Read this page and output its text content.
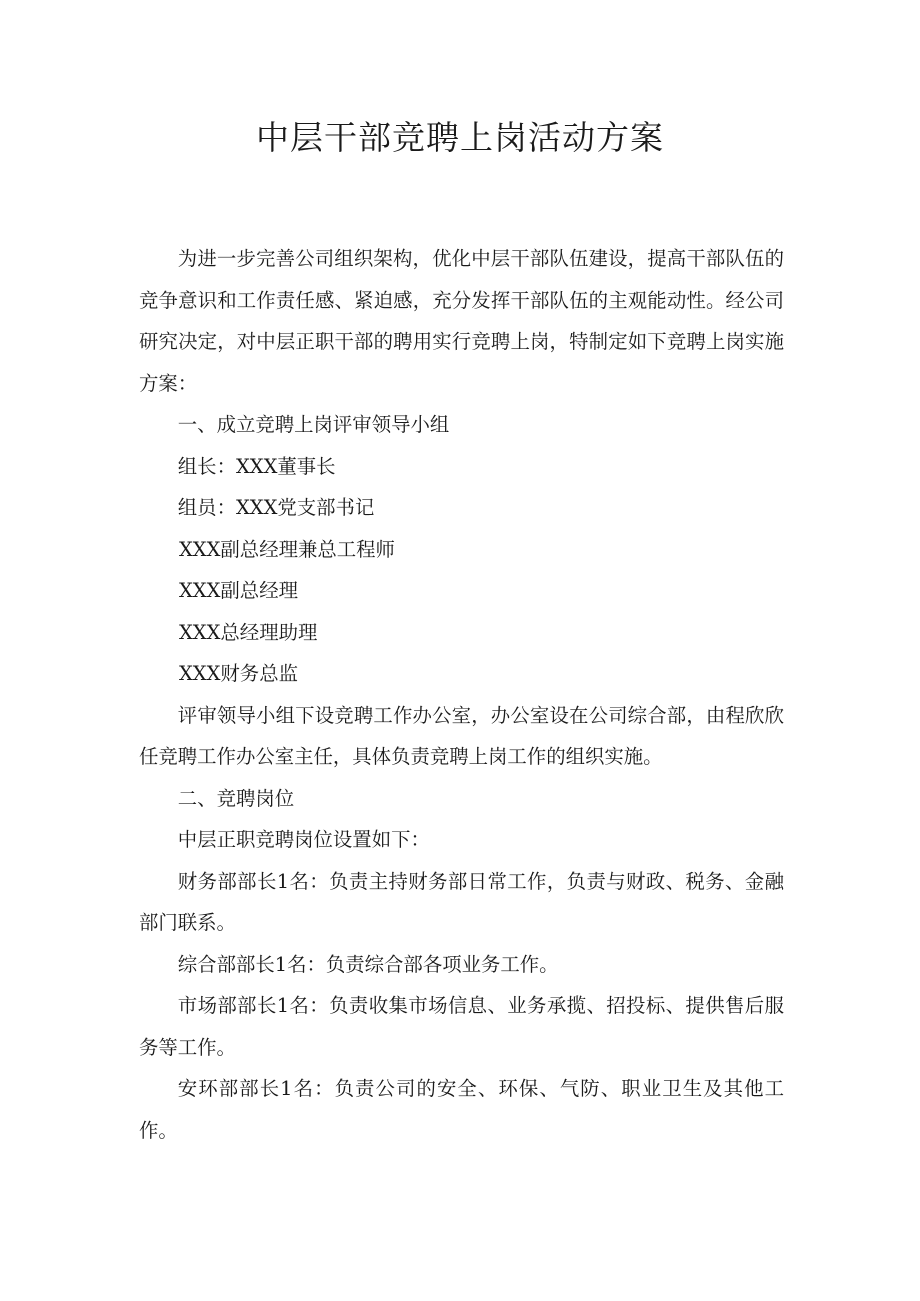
中层干部竞聘上岗活动方案

为进一步完善公司组织架构，优化中层干部队伍建设，提高干部队伍的竞争意识和工作责任感、紧迫感，充分发挥干部队伍的主观能动性。经公司研究决定，对中层正职干部的聘用实行竞聘上岗，特制定如下竞聘上岗实施方案：

一、成立竞聘上岗评审领导小组

组长：XXX董事长

组员：XXX党支部书记

XXX副总经理兼总工程师

XXX副总经理

XXX总经理助理

XXX财务总监

评审领导小组下设竞聘工作办公室，办公室设在公司综合部，由程欣欣任竞聘工作办公室主任，具体负责竞聘上岗工作的组织实施。

二、竞聘岗位

中层正职竞聘岗位设置如下：

财务部部长1名：负责主持财务部日常工作，负责与财政、税务、金融部门联系。

综合部部长1名：负责综合部各项业务工作。

市场部部长1名：负责收集市场信息、业务承揽、招投标、提供售后服务等工作。

安环部部长1名：负责公司的安全、环保、气防、职业卫生及其他工作。
